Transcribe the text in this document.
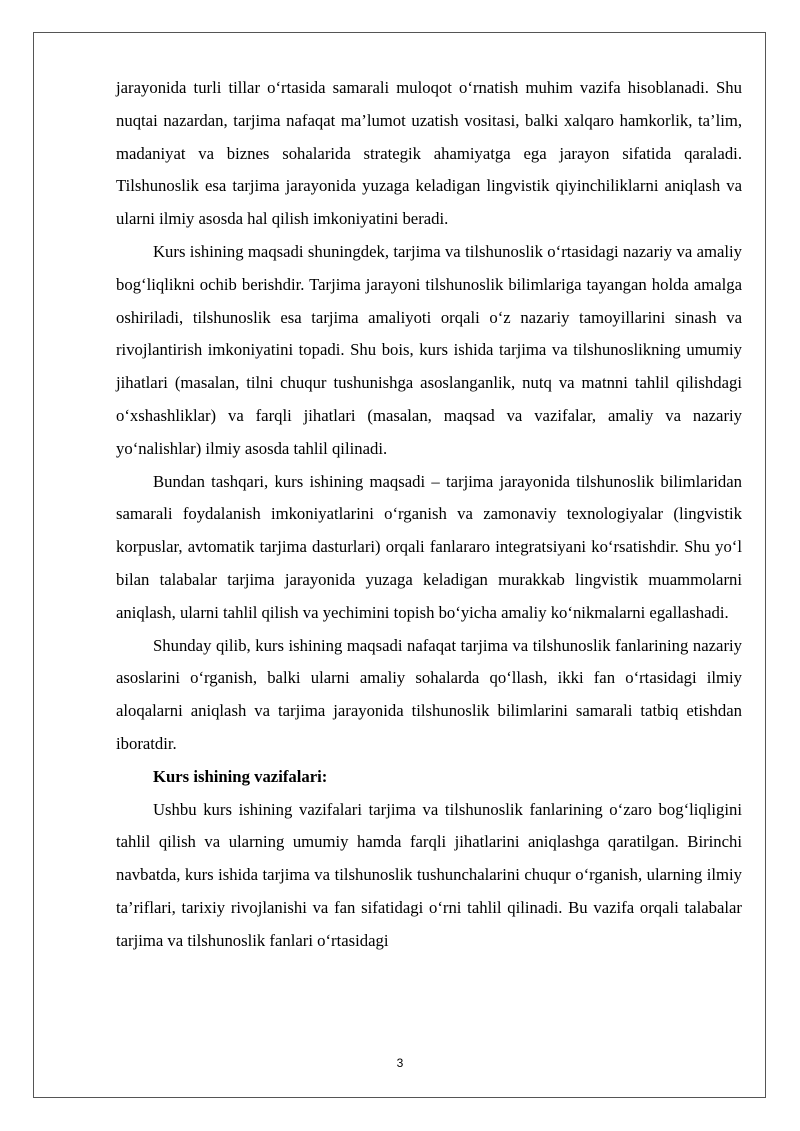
jarayonida turli tillar o‘rtasida samarali muloqot o‘rnatish muhim vazifa hisoblanadi. Shu nuqtai nazardan, tarjima nafaqat ma’lumot uzatish vositasi, balki xalqaro hamkorlik, ta’lim, madaniyat va biznes sohalarida strategik ahamiyatga ega jarayon sifatida qaraladi. Tilshunoslik esa tarjima jarayonida yuzaga keladigan lingvistik qiyinchiliklarni aniqlash va ularni ilmiy asosda hal qilish imkoniyatini beradi.

Kurs ishining maqsadi shuningdek, tarjima va tilshunoslik o‘rtasidagi nazariy va amaliy bog‘liqlikni ochib berishdir. Tarjima jarayoni tilshunoslik bilimlariga tayangan holda amalga oshiriladi, tilshunoslik esa tarjima amaliyoti orqali o‘z nazariy tamoyillarini sinash va rivojlantirish imkoniyatini topadi. Shu bois, kurs ishida tarjima va tilshunoslikning umumiy jihatlari (masalan, tilni chuqur tushunishga asoslanganlik, nutq va matnni tahlil qilishdagi o‘xshashliklar) va farqli jihatlari (masalan, maqsad va vazifalar, amaliy va nazariy yo‘nalishlar) ilmiy asosda tahlil qilinadi.

Bundan tashqari, kurs ishining maqsadi – tarjima jarayonida tilshunoslik bilimlaridan samarali foydalanish imkoniyatlarini o‘rganish va zamonaviy texnologiyalar (lingvistik korpuslar, avtomatik tarjima dasturlari) orqali fanlararo integratsiyani ko‘rsatishdir. Shu yo‘l bilan talabalar tarjima jarayonida yuzaga keladigan murakkab lingvistik muammolarni aniqlash, ularni tahlil qilish va yechimini topish bo‘yicha amaliy ko‘nikmalarni egallashadi.

Shunday qilib, kurs ishining maqsadi nafaqat tarjima va tilshunoslik fanlarining nazariy asoslarini o‘rganish, balki ularni amaliy sohalarda qo‘llash, ikki fan o‘rtasidagi ilmiy aloqalarni aniqlash va tarjima jarayonida tilshunoslik bilimlarini samarali tatbiq etishdan iboratdir.

Kurs ishining vazifalari:

Ushbu kurs ishining vazifalari tarjima va tilshunoslik fanlarining o‘zaro bog‘liqligini tahlil qilish va ularning umumiy hamda farqli jihatlarini aniqlashga qaratilgan. Birinchi navbatda, kurs ishida tarjima va tilshunoslik tushunchalarini chuqur o‘rganish, ularning ilmiy ta’riflari, tarixiy rivojlanishi va fan sifatidagi o‘rni tahlil qilinadi. Bu vazifa orqali talabalar tarjima va tilshunoslik fanlari o‘rtasidagi

3
